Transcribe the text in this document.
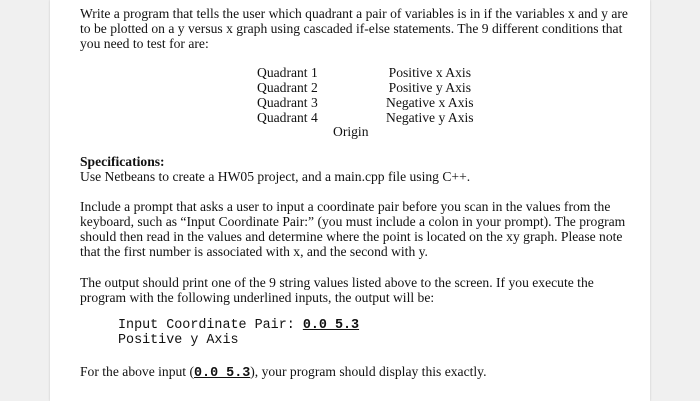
Write a program that tells the user which quadrant a pair of variables is in if the variables x and y are to be plotted on a y versus x graph using cascaded if-else statements. The 9 different conditions that you need to test for are:

Quadrant 1
Quadrant 2
Quadrant 3
Quadrant 4
Positive x Axis
Positive y Axis
Negative x Axis
Negative y Axis
Origin
Specifications:
Use Netbeans to create a HW05 project, and a main.cpp file using C++.

Include a prompt that asks a user to input a coordinate pair before you scan in the values from the keyboard, such as “Input Coordinate Pair:” (you must include a colon in your prompt). The program should then read in the values and determine where the point is located on the xy graph. Please note that the first number is associated with x, and the second with y.

The output should print one of the 9 string values listed above to the screen. If you execute the program with the following underlined inputs, the output will be:

Input Coordinate Pair: 0.0 5.3
Positive y Axis
For the above input (0.0 5.3), your program should display this exactly.
